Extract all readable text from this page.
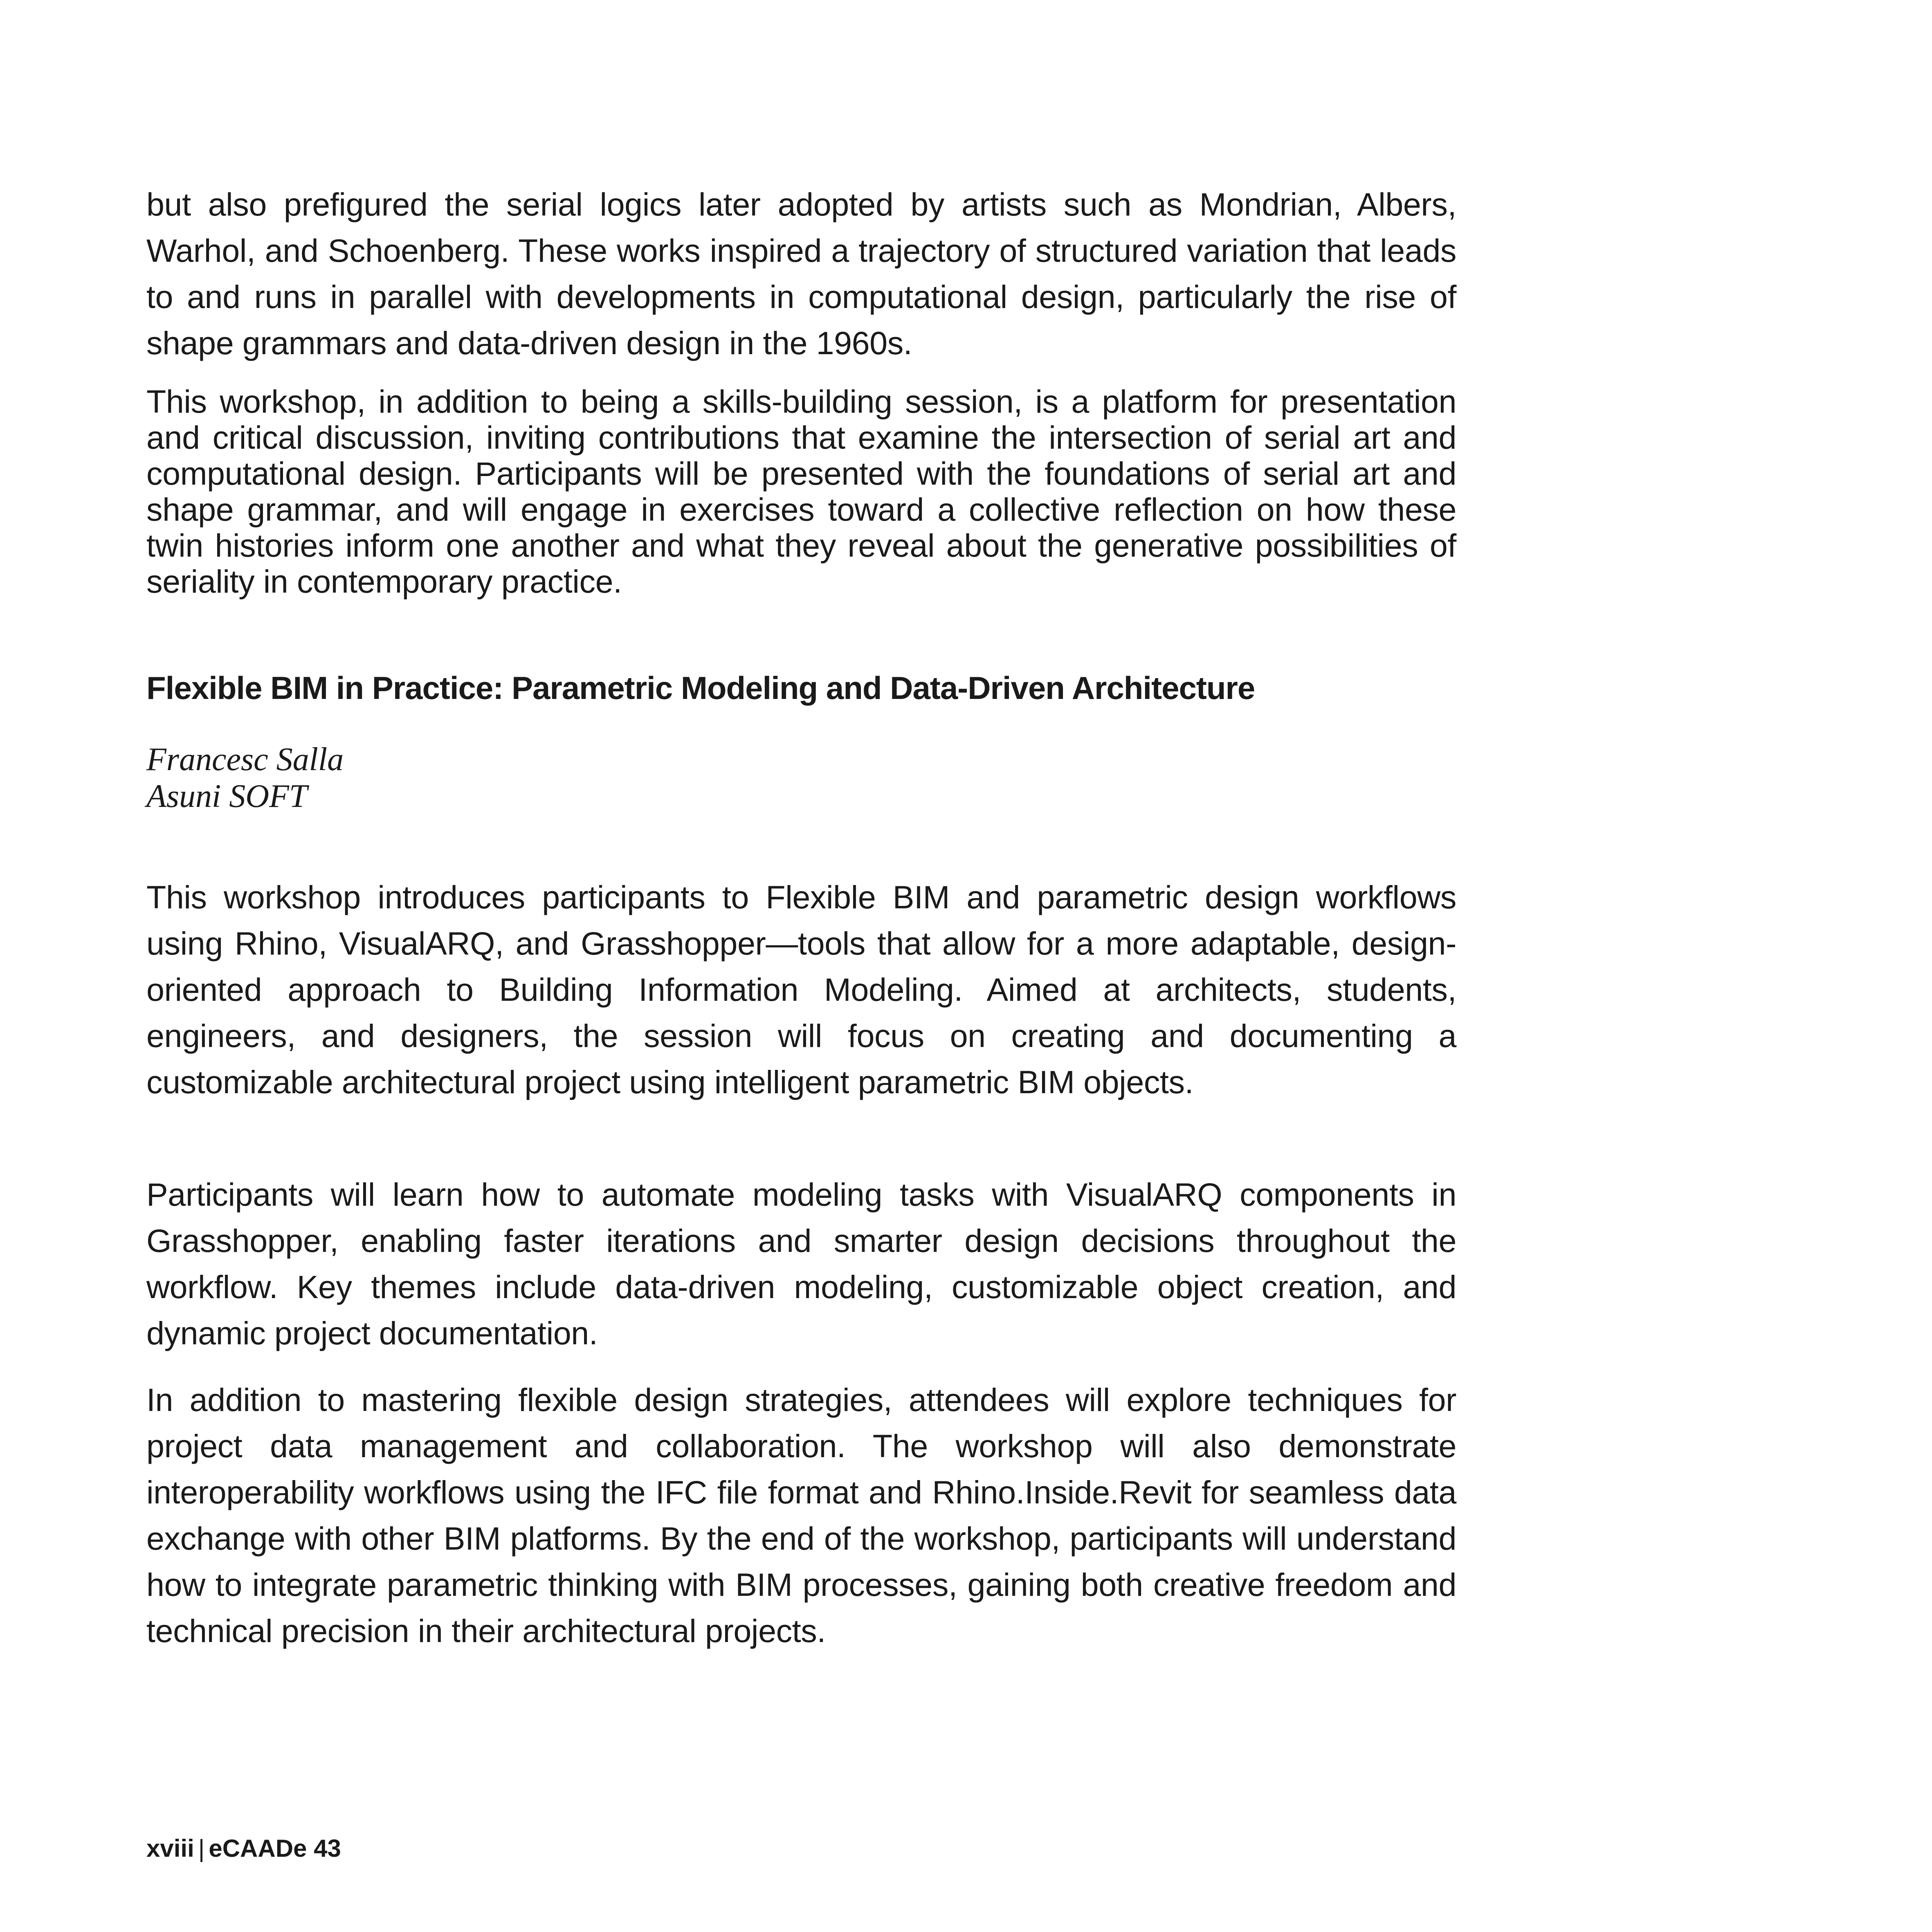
but also prefigured the serial logics later adopted by artists such as Mondrian, Albers, Warhol, and Schoenberg. These works inspired a trajectory of structured variation that leads to and runs in parallel with developments in computational design, particularly the rise of shape grammars and data-driven design in the 1960s.

This workshop, in addition to being a skills-building session, is a platform for presentation and critical discussion, inviting contributions that examine the intersection of serial art and computational design. Participants will be presented with the foundations of serial art and shape grammar, and will engage in exercises toward a collective reflection on how these twin histories inform one another and what they reveal about the generative possibilities of seriality in contemporary practice.

Flexible BIM in Practice: Parametric Modeling and Data-Driven Architecture

Francesc Salla
Asuni SOFT

This workshop introduces participants to Flexible BIM and parametric design workflows using Rhino, VisualARQ, and Grasshopper—tools that allow for a more adaptable, design-oriented approach to Building Information Modeling. Aimed at architects, students, engineers, and designers, the session will focus on creating and documenting a customizable architectural project using intelligent parametric BIM objects.

Participants will learn how to automate modeling tasks with VisualARQ components in Grasshopper, enabling faster iterations and smarter design decisions throughout the workflow. Key themes include data-driven modeling, customizable object creation, and dynamic project documentation.

In addition to mastering flexible design strategies, attendees will explore techniques for project data management and collaboration. The workshop will also demonstrate interoperability workflows using the IFC file format and Rhino.Inside.Revit for seamless data exchange with other BIM platforms. By the end of the workshop, participants will understand how to integrate parametric thinking with BIM processes, gaining both creative freedom and technical precision in their architectural projects.

xviii | eCAADe 43
